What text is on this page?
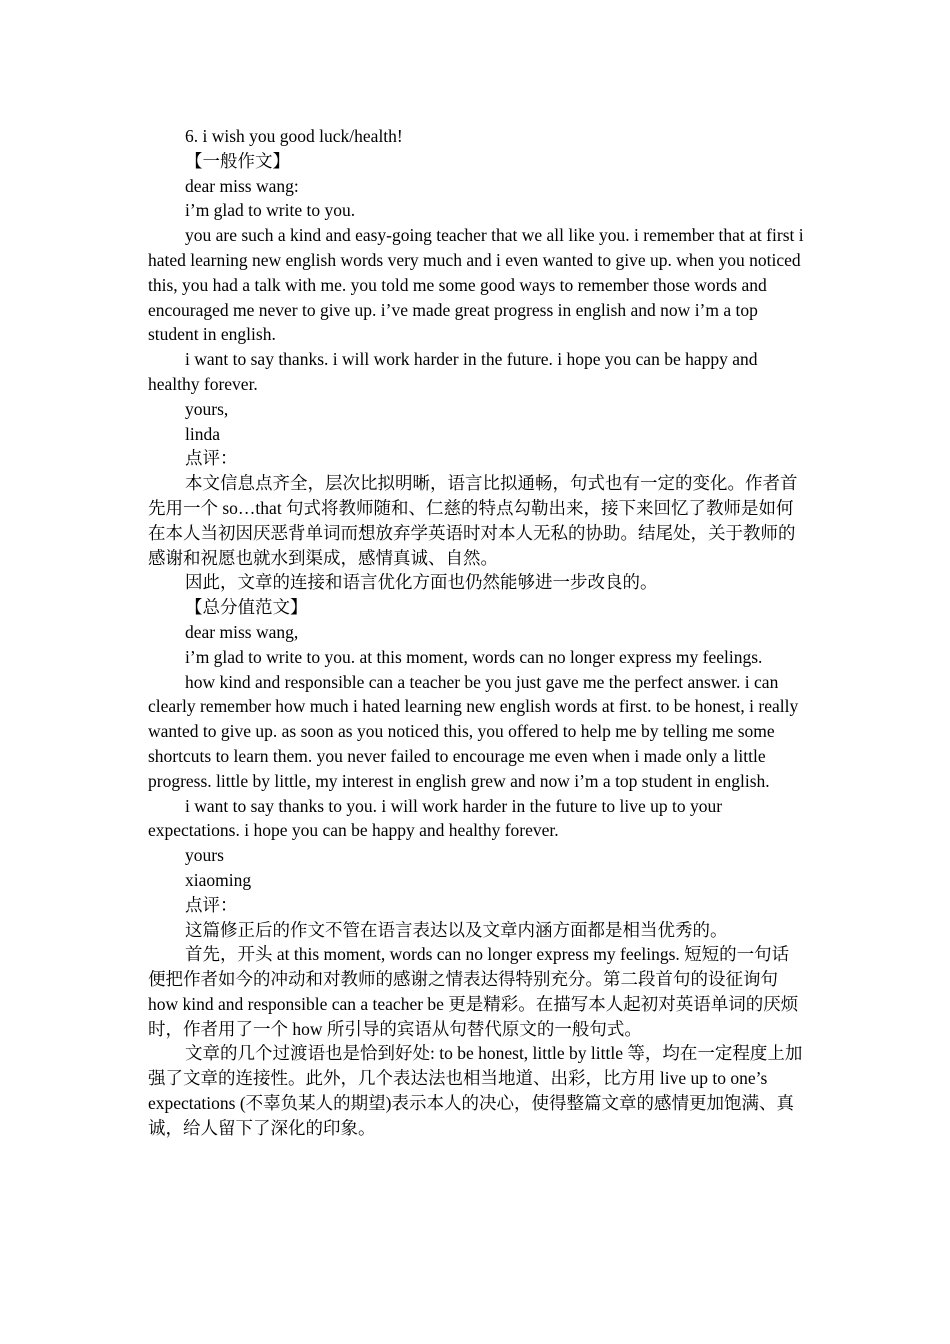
6. i wish you good luck/health!

【一般作文】

dear miss wang:

i’m glad to write to you.

you are such a kind and easy-going teacher that we all like you. i remember that at first i hated learning new english words very much and i even wanted to give up. when you noticed this, you had a talk with me. you told me some good ways to remember those words and encouraged me never to give up. i’ve made great progress in english and now i’m a top student in english.

i want to say thanks. i will work harder in the future. i hope you can be happy and healthy forever.

yours,

linda

点评：

本文信息点齐全，层次比拟明晰，语言比拟通畅，句式也有一定的变化。作者首先用一个 so…that 句式将教师随和、仁慈的特点勾勒出来，接下来回忆了教师是如何在本人当初因厌恶背单词而想放弃学英语时对本人无私的协助。结尾处，关于教师的感谢和祝愿也就水到渠成，感情真诚、自然。

因此，文章的连接和语言优化方面也仍然能够进一步改良的。

【总分值范文】

dear miss wang,

i’m glad to write to you. at this moment, words can no longer express my feelings.

how kind and responsible can a teacher be you just gave me the perfect answer. i can clearly remember how much i hated learning new english words at first. to be honest, i really wanted to give up. as soon as you noticed this, you offered to help me by telling me some shortcuts to learn them. you never failed to encourage me even when i made only a little progress. little by little, my interest in english grew and now i’m a top student in english.

i want to say thanks to you. i will work harder in the future to live up to your expectations. i hope you can be happy and healthy forever.

yours

xiaoming

点评：

这篇修正后的作文不管在语言表达以及文章内涵方面都是相当优秀的。

首先，开头 at this moment, words can no longer express my feelings. 短短的一句话便把作者如今的冲动和对教师的感谢之情表达得特别充分。第二段首句的设征询句 how kind and responsible can a teacher be 更是精彩。在描写本人起初对英语单词的厌烦时，作者用了一个 how 所引导的宾语从句替代原文的一般句式。

文章的几个过渡语也是恰到好处: to be honest, little by little 等，均在一定程度上加强了文章的连接性。此外，几个表达法也相当地道、出彩，比方用 live up to one’s expectations (不辜负某人的期望)表示本人的决心，使得整篇文章的感情更加饱满、真诚，给人留下了深化的印象。
